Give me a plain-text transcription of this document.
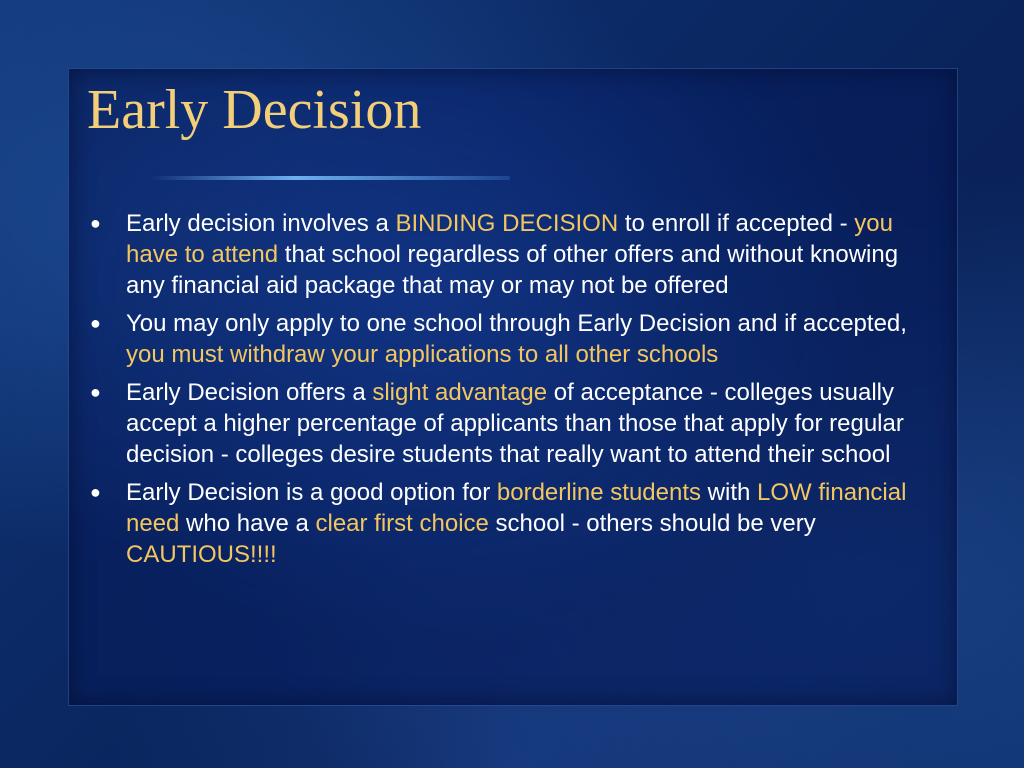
Early Decision
● Early decision involves a BINDING DECISION to enroll if accepted - you have to attend that school regardless of other offers and without knowing any financial aid package that may or may not be offered
● You may only apply to one school through Early Decision and if accepted, you must withdraw your applications to all other schools
● Early Decision offers a slight advantage of acceptance - colleges usually accept a higher percentage of applicants than those that apply for regular decision - colleges desire students that really want to attend their school
● Early Decision is a good option for borderline students with LOW financial need who have a clear first choice school - others should be very CAUTIOUS!!!!
